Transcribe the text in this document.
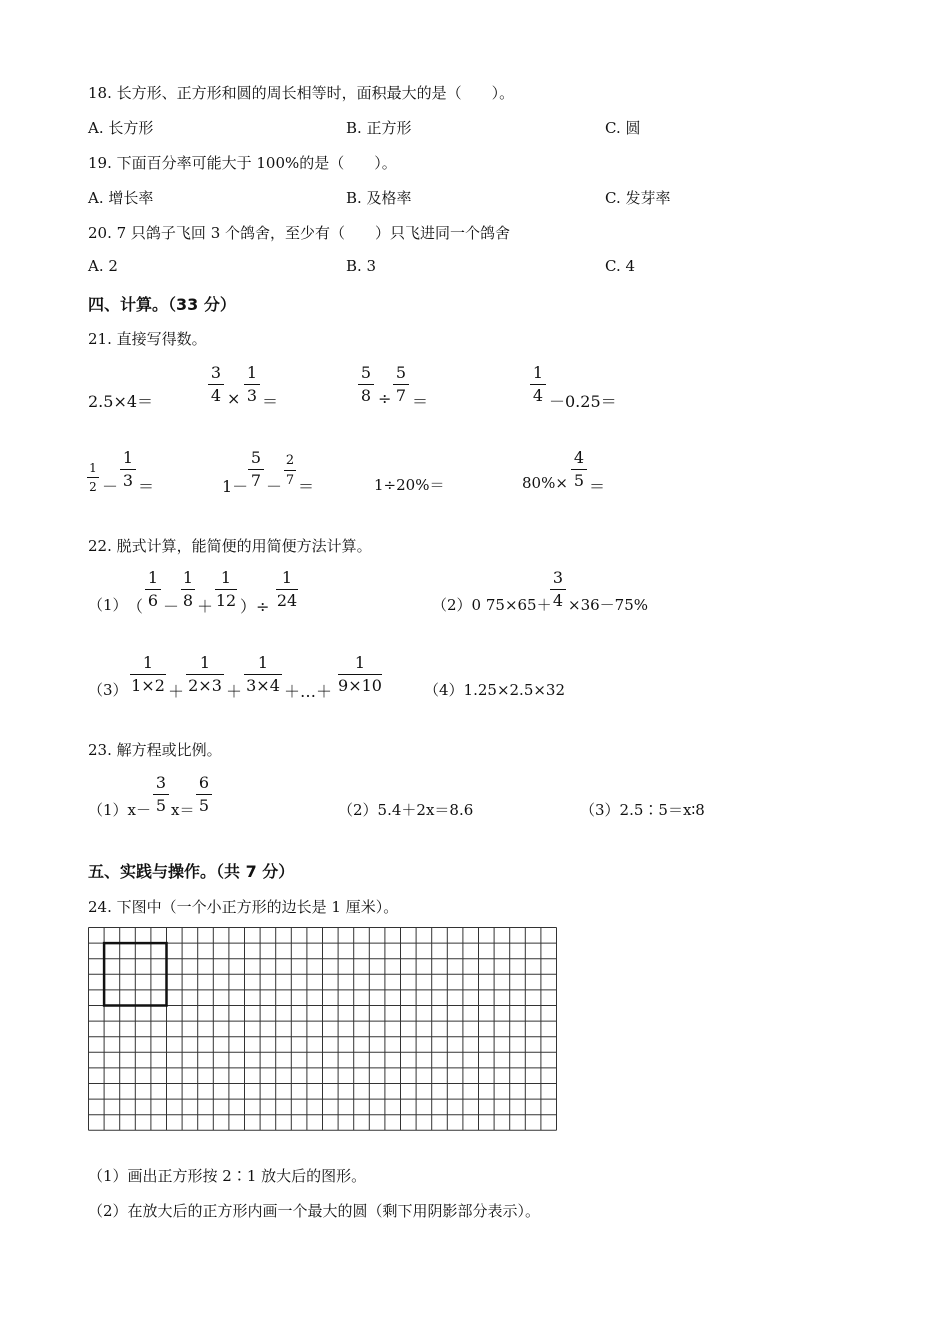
18. 长方形、正方形和圆的周长相等时，面积最大的是（　　）。
A. 长方形	B. 正方形	C. 圆
19. 下面百分率可能大于 100%的是（　　）。
A. 增长率	B. 及格率	C. 发芽率
20. 7 只鸽子飞回 3 个鸽舍，至少有（　　）只飞进同一个鸽舍
A. 2	B. 3	C. 4
四、计算。（33 分）
21. 直接写得数。
2.5×4＝
3
4 ×
1
3 ＝
5
8 ÷
5
7 ＝
1
4 －0.25＝
1
2 －
1
3 ＝	1－
5
7 －
2
7 ＝	1÷20%＝	80%×
4
5 ＝
22. 脱式计算，能简便的用简便方法计算。
（1） （
1
6 －
1
8 ＋
1
12 ）÷
1
24	（2）0 75×65＋
3
4 ×36－75%
（3）
1
1×2 ＋
1
2×3 ＋
1
3×4 ＋…＋
1
9×10	（4）1.25×2.5×32
23. 解方程或比例。
（1）x－
3
5 x＝
6
5	（2）5.4＋2x＝8.6	（3）2.5∶5＝x∶8
五、实践与操作。（共 7 分）
24. 下图中（一个小正方形的边长是 1 厘米）。
（1）画出正方形按 2∶1 放大后的图形。
（2）在放大后的正方形内画一个最大的圆（剩下用阴影部分表示）。
